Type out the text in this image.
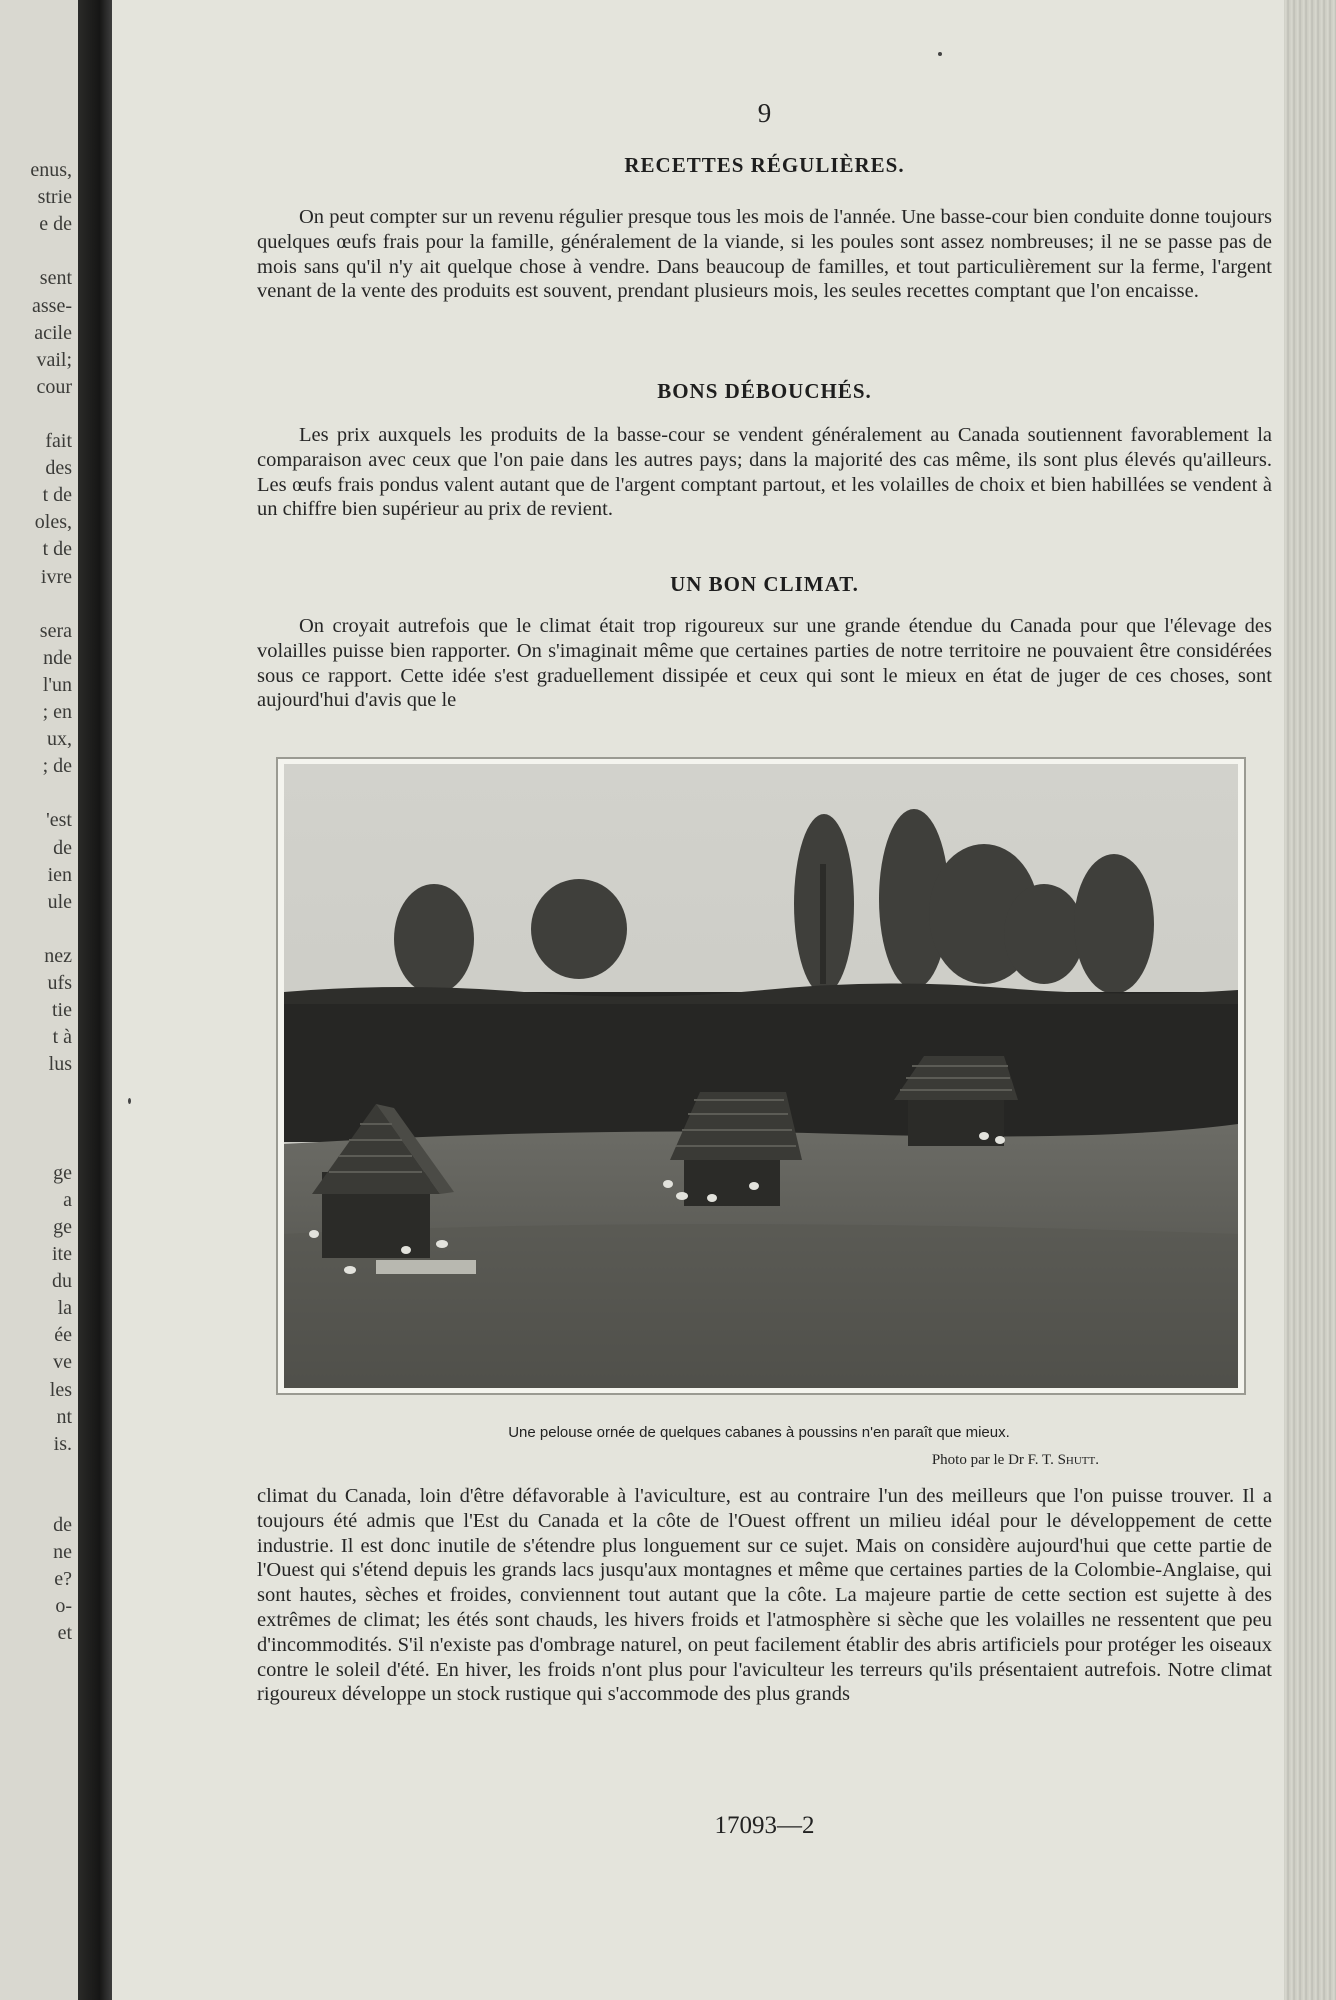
enus,
strie
e de
sent
asse-
acile
vail;
cour
fait
des
t de
oles,
t de
ivre
sera
nde
l'un
; en
ux,
; de
'est
de
ien
ule
nez
ufs
tie
t à
lus
ge
a
ge
ite
du
la
ée
ve
les
nt
is.
de
ne
e?
o-
et
9
RECETTES RÉGULIÈRES.

On peut compter sur un revenu régulier presque tous les mois de l'année. Une basse-cour bien conduite donne toujours quelques œufs frais pour la famille, généralement de la viande, si les poules sont assez nombreuses; il ne se passe pas de mois sans qu'il n'y ait quelque chose à vendre. Dans beaucoup de familles, et tout particulièrement sur la ferme, l'argent venant de la vente des produits est souvent, prendant plusieurs mois, les seules recettes comptant que l'on encaisse.

BONS DÉBOUCHÉS.

Les prix auxquels les produits de la basse-cour se vendent généralement au Canada soutiennent favorablement la comparaison avec ceux que l'on paie dans les autres pays; dans la majorité des cas même, ils sont plus élevés qu'ailleurs. Les œufs frais pondus valent autant que de l'argent comptant partout, et les volailles de choix et bien habillées se vendent à un chiffre bien supérieur au prix de revient.

UN BON CLIMAT.

On croyait autrefois que le climat était trop rigoureux sur une grande étendue du Canada pour que l'élevage des volailles puisse bien rapporter. On s'imaginait même que certaines parties de notre territoire ne pouvaient être considérées sous ce rapport. Cette idée s'est graduellement dissipée et ceux qui sont le mieux en état de juger de ces choses, sont aujourd'hui d'avis que le

climat du Canada, loin d'être défavorable à l'aviculture, est au contraire l'un des meilleurs que l'on puisse trouver. Il a toujours été admis que l'Est du Canada et la côte de l'Ouest offrent un milieu idéal pour le développement de cette industrie. Il est donc inutile de s'étendre plus longuement sur ce sujet. Mais on considère aujourd'hui que cette partie de l'Ouest qui s'étend depuis les grands lacs jusqu'aux montagnes et même que certaines parties de la Colombie-Anglaise, qui sont hautes, sèches et froides, conviennent tout autant que la côte. La majeure partie de cette section est sujette à des extrêmes de climat; les étés sont chauds, les hivers froids et l'atmosphère si sèche que les volailles ne ressentent que peu d'incommodités. S'il n'existe pas d'ombrage naturel, on peut facilement établir des abris artificiels pour protéger les oiseaux contre le soleil d'été. En hiver, les froids n'ont plus pour l'aviculteur les terreurs qu'ils présentaient autrefois. Notre climat rigoureux développe un stock rustique qui s'accommode des plus grands

17093—2
Une pelouse ornée de quelques cabanes à poussins n'en paraît que mieux.
Photo par le Dr F. T. Shutt.
